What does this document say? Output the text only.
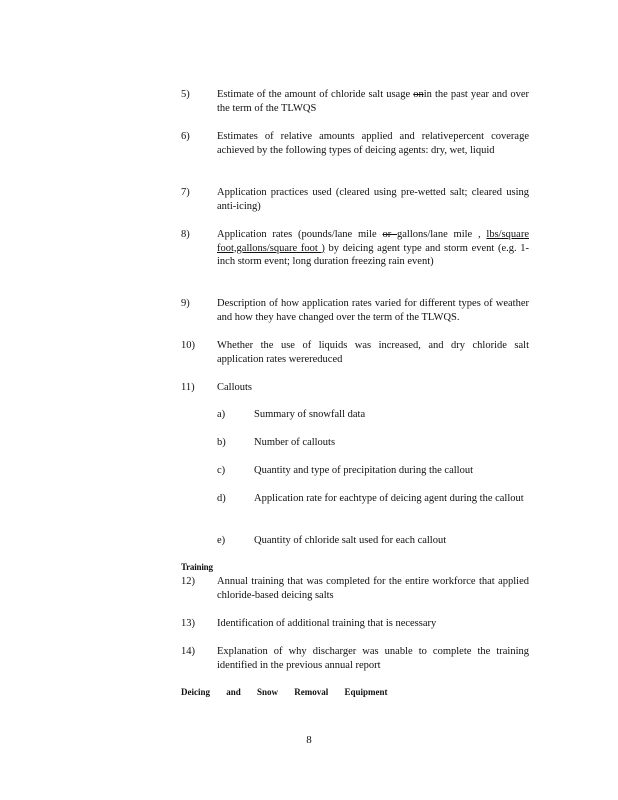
5)	Estimate of the amount of chloride salt usage onin the past year and over the term of the TLWQS
6)	Estimates of relative amounts applied and relativepercent coverage achieved by the following types of deicing agents: dry, wet, liquid
7)	Application practices used (cleared using pre-wetted salt; cleared using anti-icing)
8)	Application rates (pounds/lane mile or gallons/lane mile , lbs/square foot,gallons/square foot ) by deicing agent type and storm event (e.g. 1-inch storm event; long duration freezing rain event)
9)	Description of how application rates varied for different types of weather and how they have changed over the term of the TLWQS.
10) Whether the use of liquids was increased, and dry chloride salt application rates werereduced
11) Callouts
a)	Summary of snowfall data
b)	Number of callouts
c)	Quantity and type of precipitation during the callout
d)	Application rate for eachtype of deicing agent during the callout
e)	Quantity of chloride salt used for each callout
Training
12) Annual training that was completed for the entire workforce that applied chloride-based deicing salts
13) Identification of additional training that is necessary
14) Explanation of why discharger was unable to complete the training identified in the previous annual report
Deicing and Snow Removal Equipment
8
